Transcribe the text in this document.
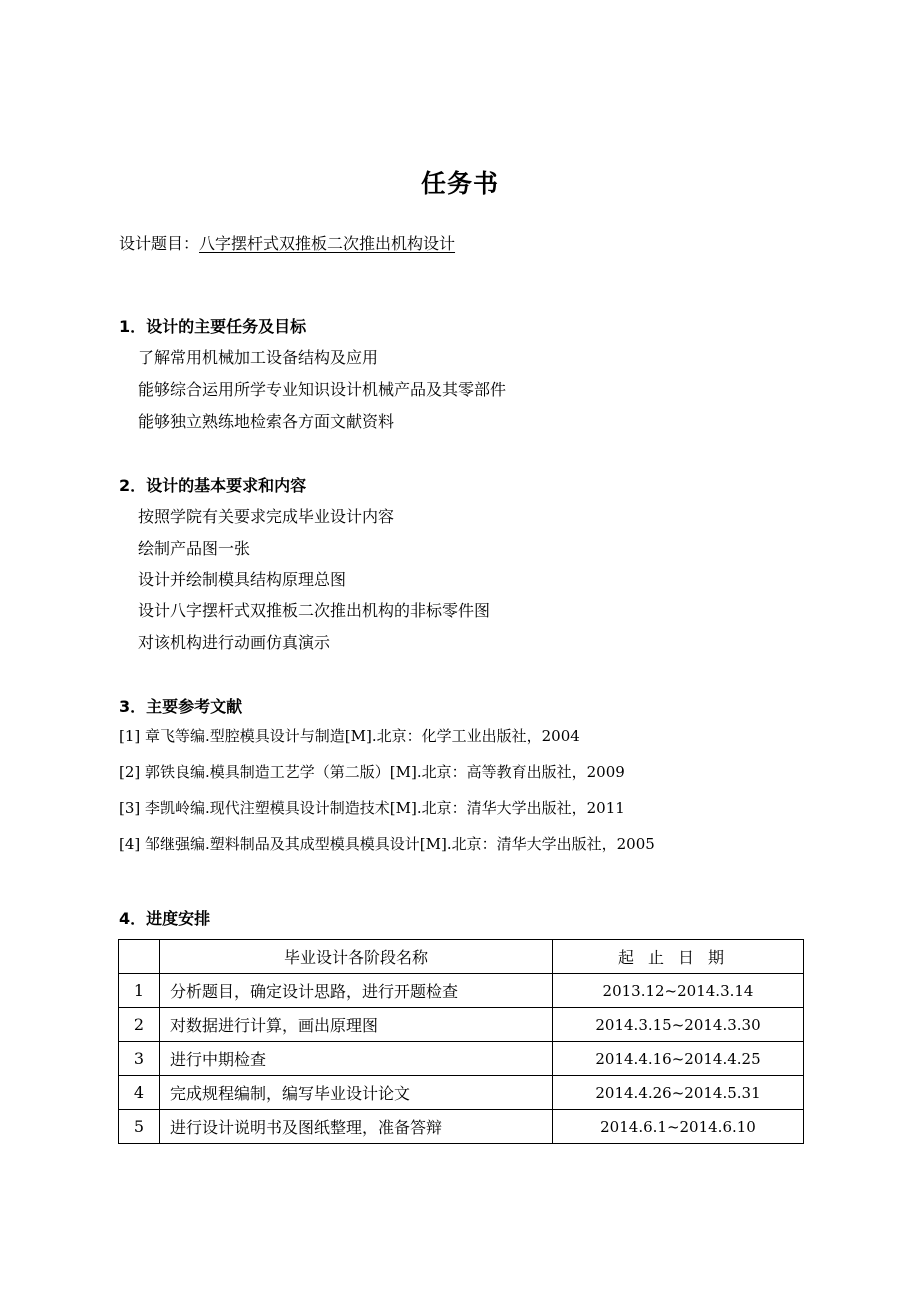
任务书
设计题目：八字摆杆式双推板二次推出机构设计
1．设计的主要任务及目标
了解常用机械加工设备结构及应用
能够综合运用所学专业知识设计机械产品及其零部件
能够独立熟练地检索各方面文献资料
2．设计的基本要求和内容
按照学院有关要求完成毕业设计内容
绘制产品图一张
设计并绘制模具结构原理总图
设计八字摆杆式双推板二次推出机构的非标零件图
对该机构进行动画仿真演示
3．主要参考文献
[1] 章飞等编.型腔模具设计与制造[M].北京：化学工业出版社，2004
[2] 郭铁良编.模具制造工艺学（第二版）[M].北京：高等教育出版社，2009
[3] 李凯岭编.现代注塑模具设计制造技术[M].北京：清华大学出版社，2011
[4] 邹继强编.塑料制品及其成型模具模具设计[M].北京：清华大学出版社，2005
4．进度安排
	毕业设计各阶段名称	起止日期
1	分析题目，确定设计思路，进行开题检查	2013.12~2014.3.14
2	对数据进行计算，画出原理图	2014.3.15~2014.3.30
3	进行中期检查	2014.4.16~2014.4.25
4	完成规程编制，编写毕业设计论文	2014.4.26~2014.5.31
5	进行设计说明书及图纸整理，准备答辩	2014.6.1~2014.6.10
